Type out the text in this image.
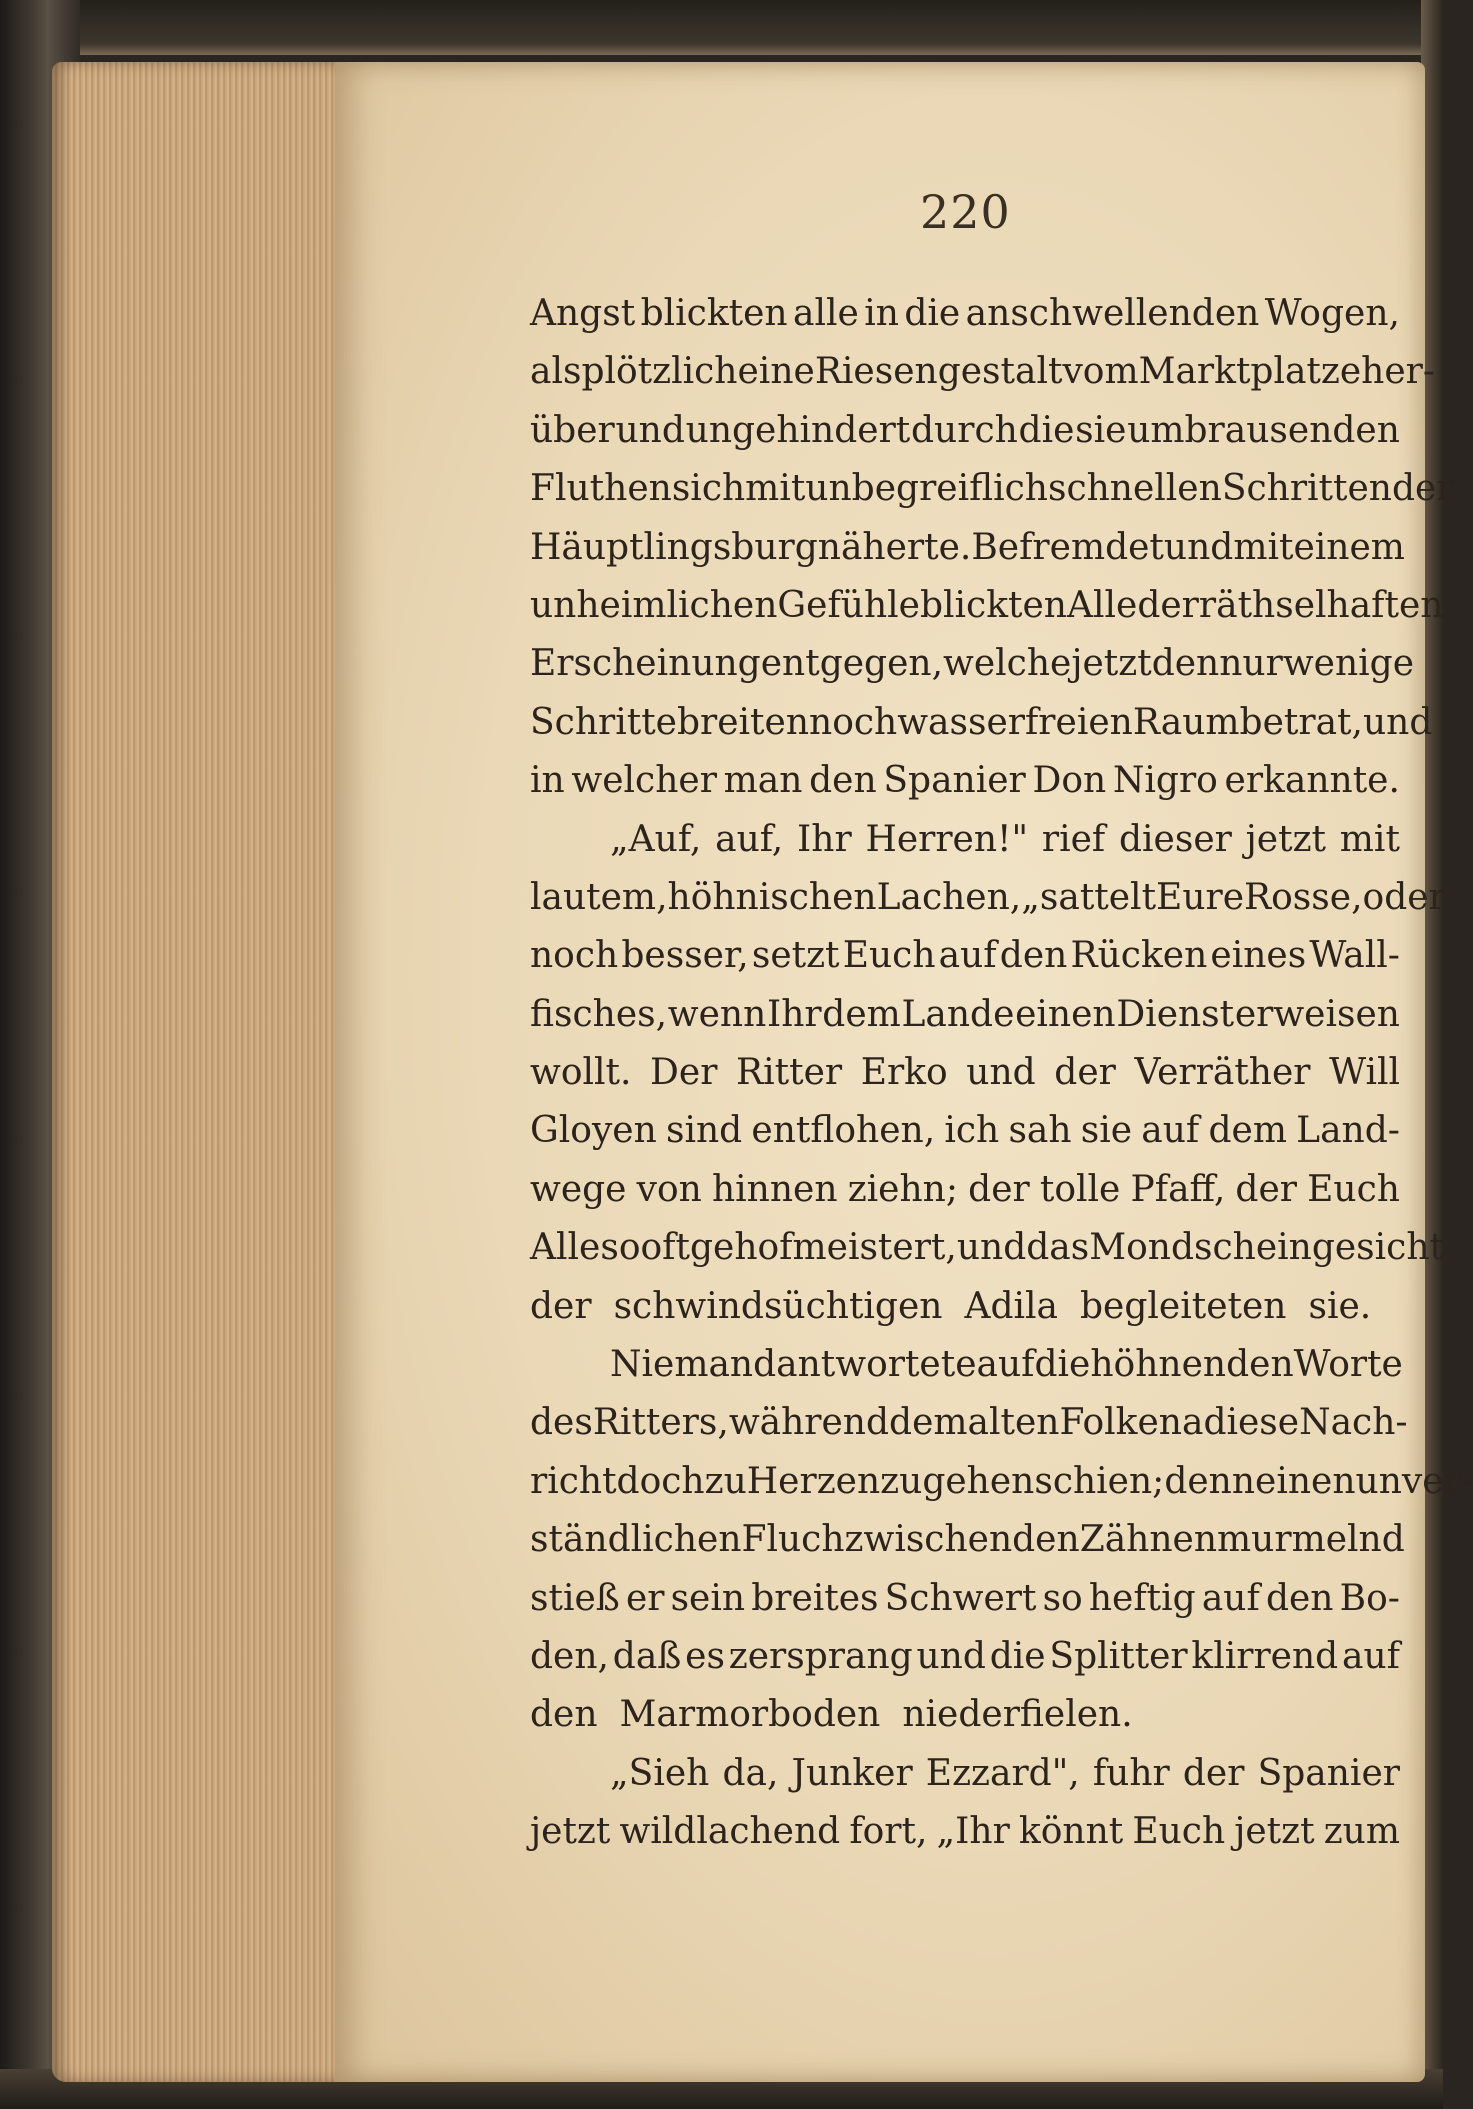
220
Angst blickten alle in die anschwellenden Wogen,
als plötzlich eine Riesengestalt vom Marktplatze her-
über und ungehindert durch die sie umbrausenden
Fluthen sich mit unbegreiflich schnellen Schritten der
Häuptlingsburg näherte. Befremdet und mit einem
unheimlichen Gefühle blickten Alle der räthselhaften
Erscheinung entgegen, welche jetzt den nur wenige
Schritte breiten noch wasserfreien Raum betrat, und
in welcher man den Spanier Don Nigro erkannte.
„Auf, auf, Ihr Herren!" rief dieser jetzt mit
lautem, höhnischen Lachen, „sattelt Eure Rosse, oder
noch besser, setzt Euch auf den Rücken eines Wall-
fisches, wenn Ihr dem Lande einen Dienst erweisen
wollt. Der Ritter Erko und der Verräther Will
Gloyen sind entflohen, ich sah sie auf dem Land-
wege von hinnen ziehn; der tolle Pfaff, der Euch
Alle so oft gehofmeistert, und das Mondscheingesicht
der schwindsüchtigen Adila begleiteten sie.
Niemand antwortete auf die höhnenden Worte
des Ritters, während dem alten Folkena diese Nach-
richt doch zu Herzen zu gehen schien; denn einen unver-
ständlichen Fluch zwischen den Zähnen murmelnd
stieß er sein breites Schwert so heftig auf den Bo-
den, daß es zersprang und die Splitter klirrend auf
den Marmorboden niederfielen.
„Sieh da, Junker Ezzard", fuhr der Spanier
jetzt wildlachend fort, „Ihr könnt Euch jetzt zum
